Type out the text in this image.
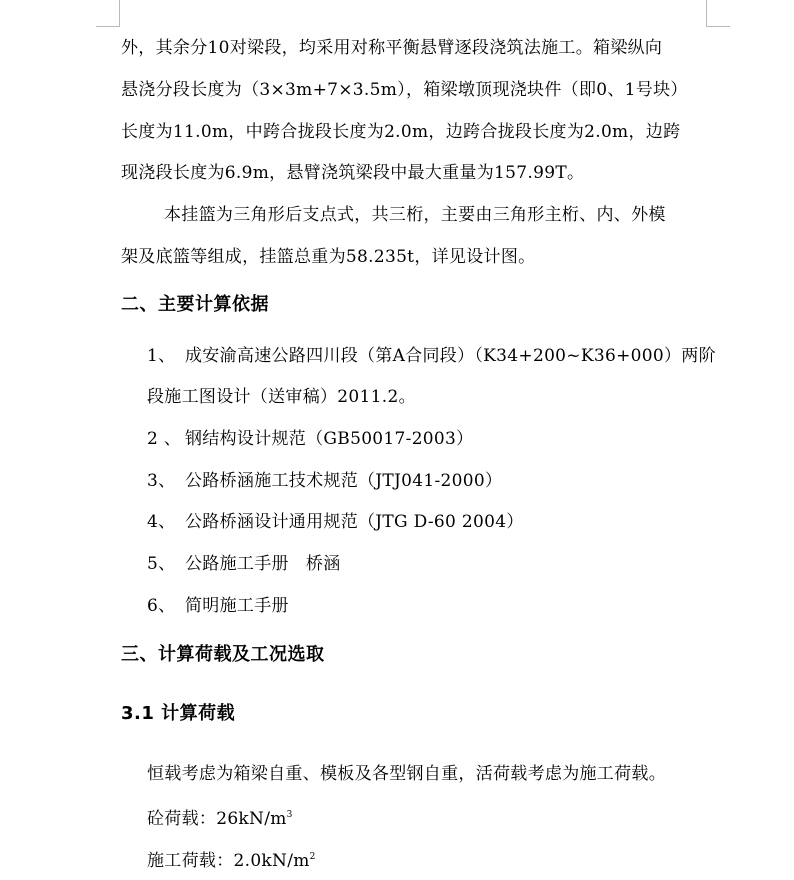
外，其余分10对梁段，均采用对称平衡悬臂逐段浇筑法施工。箱梁纵向
悬浇分段长度为（3×3m+7×3.5m），箱梁墩顶现浇块件（即0、1号块）
长度为11.0m，中跨合拢段长度为2.0m，边跨合拢段长度为2.0m，边跨
现浇段长度为6.9m，悬臂浇筑梁段中最大重量为157.99T。
本挂篮为三角形后支点式，共三桁，主要由三角形主桁、内、外模
架及底篮等组成，挂篮总重为58.235t，详见设计图。
二、主要计算依据
1、 成安渝高速公路四川段（第A合同段）（K34+200~K36+000）两阶
段施工图设计（送审稿）2011.2。
2 、 钢结构设计规范（GB50017-2003）
3、 公路桥涵施工技术规范（JTJ041-2000）
4、 公路桥涵设计通用规范（JTG D-60 2004）
5、 公路施工手册   桥涵
6、 简明施工手册
三、计算荷载及工况选取
3.1 计算荷载
恒载考虑为箱梁自重、模板及各型钢自重，活荷载考虑为施工荷载。
砼荷载：$26kN/m^3$
施工荷载：$2.0kN/m^2$
